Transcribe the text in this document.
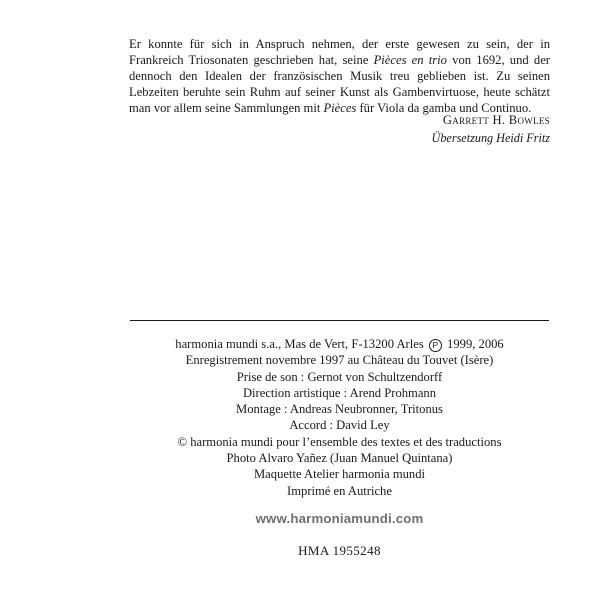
Er konnte für sich in Anspruch nehmen, der erste gewesen zu sein, der in Frankreich Triosonaten geschrieben hat, seine Pièces en trio von 1692, und der dennoch den Idealen der französischen Musik treu geblieben ist. Zu seinen Lebzeiten beruhte sein Ruhm auf seiner Kunst als Gambenvirtuose, heute schätzt man vor allem seine Sammlungen mit Pièces für Viola da gamba und Continuo.

Garrett H. Bowles
Übersetzung Heidi Fritz
harmonia mundi s.a., Mas de Vert, F-13200 Arles P 1999, 2006
Enregistrement novembre 1997 au Château du Touvet (Isère)
Prise de son : Gernot von Schultzendorff
Direction artistique : Arend Prohmann
Montage : Andreas Neubronner, Tritonus
Accord : David Ley
© harmonia mundi pour l’ensemble des textes et des traductions
Photo Alvaro Yañez (Juan Manuel Quintana)
Maquette Atelier harmonia mundi
Imprimé en Autriche
www.harmoniamundi.com
HMA 1955248
